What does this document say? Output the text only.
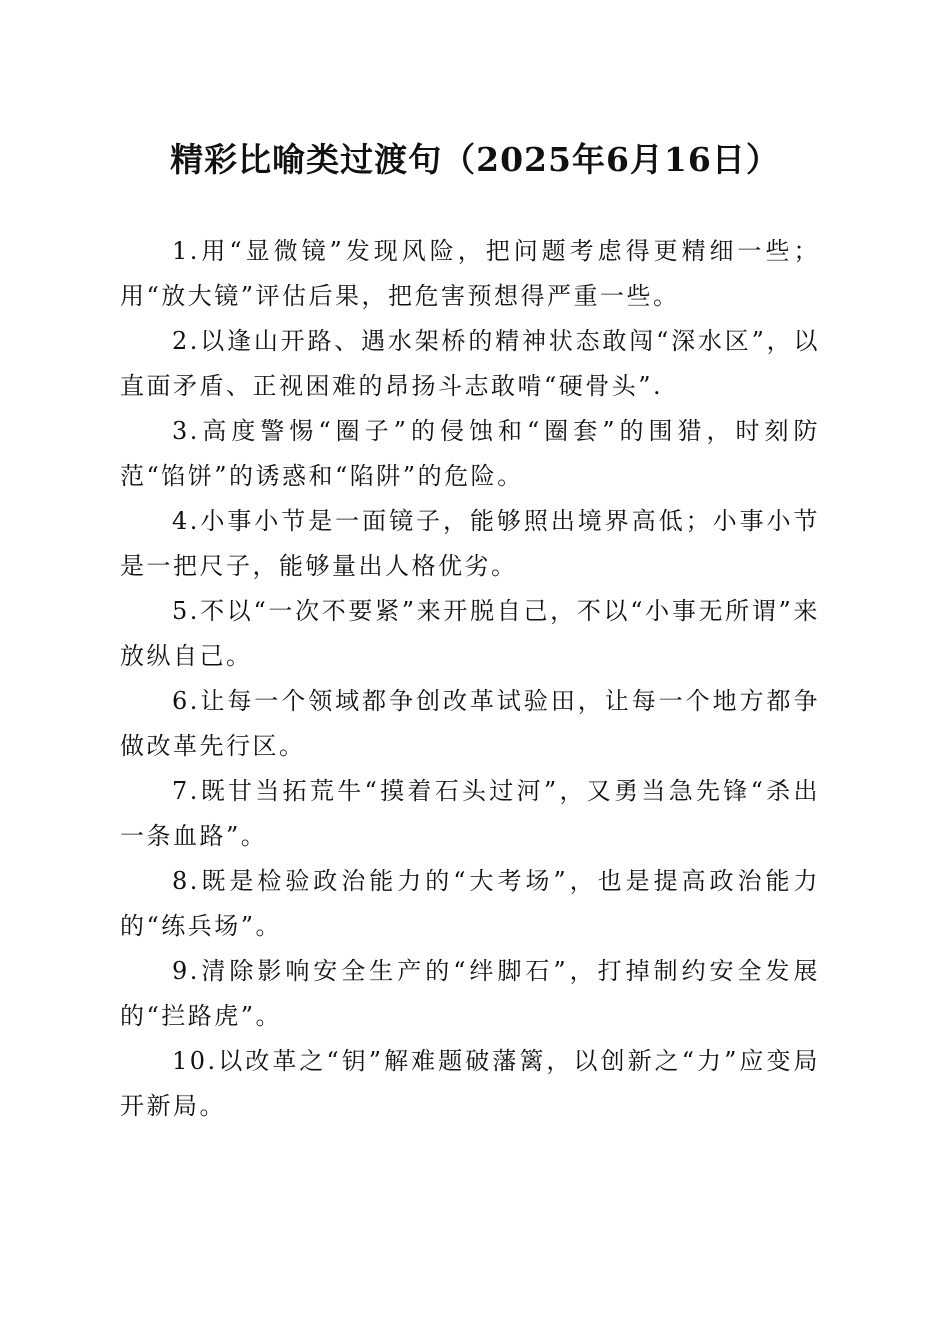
精彩比喻类过渡句（2025年6月16日）
1.用“显微镜”发现风险，把问题考虑得更精细一些；用“放大镜”评估后果，把危害预想得严重一些。
2.以逢山开路、遇水架桥的精神状态敢闯“深水区”，以直面矛盾、正视困难的昂扬斗志敢啃“硬骨头”.
3.高度警惕“圈子”的侵蚀和“圈套”的围猎，时刻防范“馅饼”的诱惑和“陷阱”的危险。
4.小事小节是一面镜子，能够照出境界高低；小事小节是一把尺子，能够量出人格优劣。
5.不以“一次不要紧”来开脱自己，不以“小事无所谓”来放纵自己。
6.让每一个领域都争创改革试验田，让每一个地方都争做改革先行区。
7.既甘当拓荒牛“摸着石头过河”，又勇当急先锋“杀出一条血路”。
8.既是检验政治能力的“大考场”，也是提高政治能力的“练兵场”。
9.清除影响安全生产的“绊脚石”，打掉制约安全发展的“拦路虎”。
10.以改革之“钥”解难题破藩篱，以创新之“力”应变局开新局。
